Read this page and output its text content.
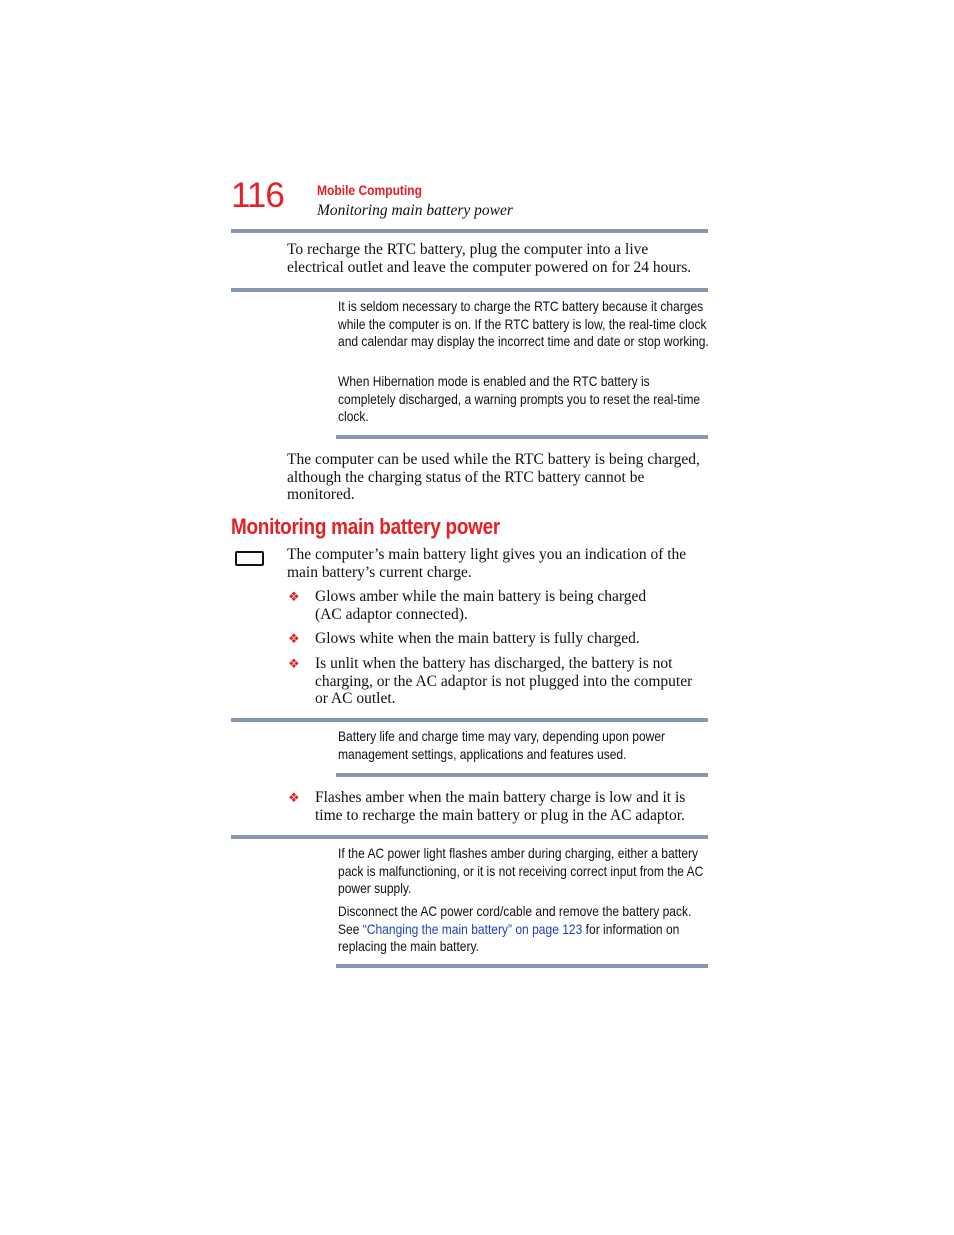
116 Mobile Computing
Monitoring main battery power
To recharge the RTC battery, plug the computer into a live electrical outlet and leave the computer powered on for 24 hours.
It is seldom necessary to charge the RTC battery because it charges while the computer is on. If the RTC battery is low, the real-time clock and calendar may display the incorrect time and date or stop working.
When Hibernation mode is enabled and the RTC battery is completely discharged, a warning prompts you to reset the real-time clock.
The computer can be used while the RTC battery is being charged, although the charging status of the RTC battery cannot be monitored.
Monitoring main battery power
The computer’s main battery light gives you an indication of the main battery’s current charge.
❖ Glows amber while the main battery is being charged (AC adaptor connected).
❖ Glows white when the main battery is fully charged.
❖ Is unlit when the battery has discharged, the battery is not charging, or the AC adaptor is not plugged into the computer or AC outlet.
Battery life and charge time may vary, depending upon power management settings, applications and features used.
❖ Flashes amber when the main battery charge is low and it is time to recharge the main battery or plug in the AC adaptor.
If the AC power light flashes amber during charging, either a battery pack is malfunctioning, or it is not receiving correct input from the AC power supply.
Disconnect the AC power cord/cable and remove the battery pack. See “Changing the main battery” on page 123 for information on replacing the main battery.
